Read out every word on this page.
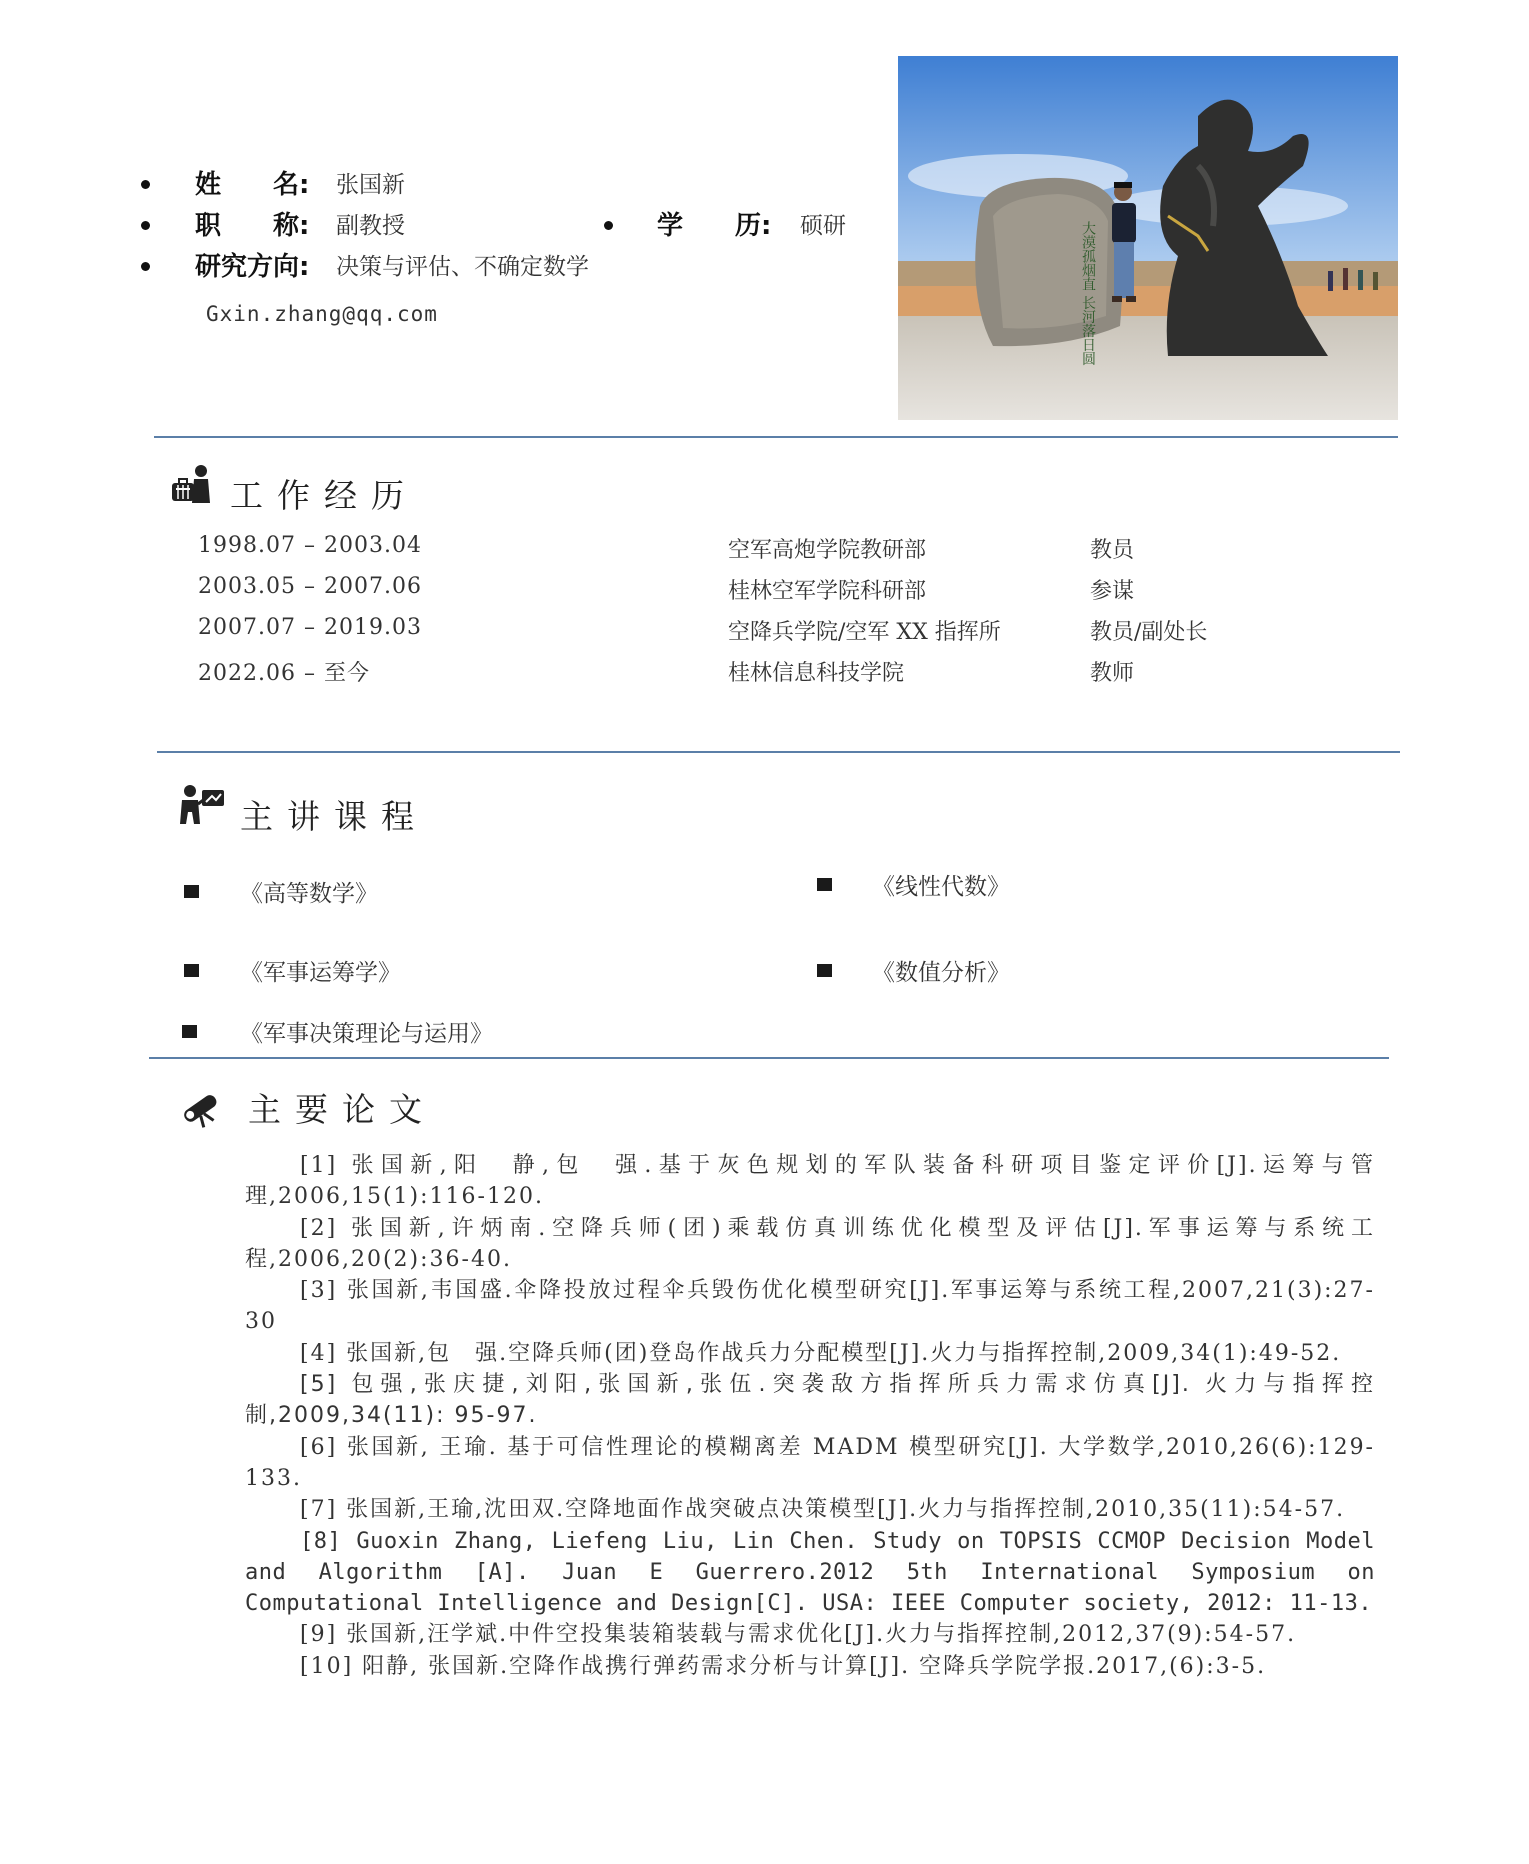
姓　　名: 张国新
职　　称: 副教授	学　　历: 硕研
研究方向: 决策与评估、不确定数学
Gxin.zhang@qq.com	大漠孤烟直 长河落日圆
工作经历
1998.07 – 2003.04	空军高炮学院教研部	教员
2003.05 – 2007.06	桂林空军学院科研部	参谋
2007.07 – 2019.03	空降兵学院/空军 XX 指挥所	教员/副处长
2022.06 – 至今	桂林信息科技学院	教师
主讲课程
《高等数学》	《线性代数》
《军事运筹学》	《数值分析》
《军事决策理论与运用》
主要论文

[1] 张国新,阳　静,包　强.基于灰色规划的军队装备科研项目鉴定评价[J].运筹与管理,2006,15(1):116-120.

[2] 张国新,许炳南.空降兵师(团)乘载仿真训练优化模型及评估[J].军事运筹与系统工程,2006,20(2):36-40.

[3] 张国新,韦国盛.伞降投放过程伞兵毁伤优化模型研究[J].军事运筹与系统工程,2007,21(3):27-30

[4] 张国新,包　强.空降兵师(团)登岛作战兵力分配模型[J].火力与指挥控制,2009,34(1):49-52.

[5] 包强,张庆捷,刘阳,张国新,张伍.突袭敌方指挥所兵力需求仿真[J]. 火力与指挥控制,2009,34(11): 95-97.

[6] 张国新, 王瑜. 基于可信性理论的模糊离差 MADM 模型研究[J]. 大学数学,2010,26(6):129-133.

[7] 张国新,王瑜,沈田双.空降地面作战突破点决策模型[J].火力与指挥控制,2010,35(11):54-57.

[8] Guoxin Zhang, Liefeng Liu, Lin Chen. Study on TOPSIS CCMOP Decision Model and Algorithm [A]. Juan E Guerrero.2012 5th International Symposium on Computational Intelligence and Design[C]. USA: IEEE Computer society, 2012: 11-13.

[9] 张国新,汪学斌.中件空投集装箱装载与需求优化[J].火力与指挥控制,2012,37(9):54-57.

[10] 阳静, 张国新.空降作战携行弹药需求分析与计算[J]. 空降兵学院学报.2017,(6):3-5.
